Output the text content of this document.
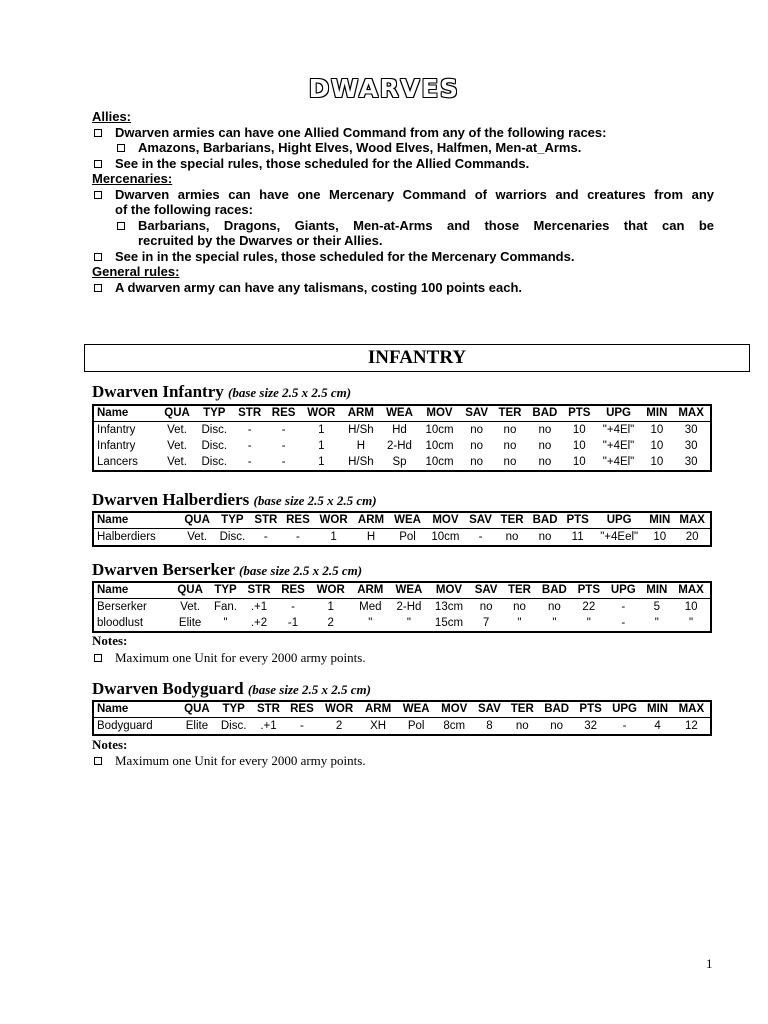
DWARVES
Allies:
Dwarven armies can have one Allied Command from any of the following races:
Amazons, Barbarians, Hight Elves, Wood Elves, Halfmen, Men-at_Arms.
See in the special rules, those scheduled for the Allied Commands.
Mercenaries:
Dwarven armies can have one Mercenary Command of warriors and creatures from any
of the following races:
Barbarians, Dragons, Giants, Men-at-Arms and those Mercenaries that can be
recruited by the Dwarves or their Allies.
See in in the special rules, those scheduled for the Mercenary Commands.
General rules:
A dwarven army can have any talismans, costing 100 points each.
INFANTRY
Dwarven Infantry (base size 2.5 x 2.5 cm)
Name	QUA	TYP	STR	RES	WOR	ARM	WEA	MOV	SAV	TER	BAD	PTS	UPG	MIN	MAX
Infantry	Vet.	Disc.	-	-	1	H/Sh	Hd	10cm	no	no	no	10	"+4El"	10	30
Infantry	Vet.	Disc.	-	-	1	H	2-Hd	10cm	no	no	no	10	"+4El"	10	30
Lancers	Vet.	Disc.	-	-	1	H/Sh	Sp	10cm	no	no	no	10	"+4El"	10	30
Dwarven Halberdiers (base size 2.5 x 2.5 cm)
Name	QUA	TYP	STR	RES	WOR	ARM	WEA	MOV	SAV	TER	BAD	PTS	UPG	MIN	MAX
Halberdiers	Vet.	Disc.	-	-	1	H	Pol	10cm	-	no	no	11	"+4Eel"	10	20
Dwarven Berserker (base size 2.5 x 2.5 cm)
Name	QUA	TYP	STR	RES	WOR	ARM	WEA	MOV	SAV	TER	BAD	PTS	UPG	MIN	MAX
Berserker	Vet.	Fan.	.+1	-	1	Med	2-Hd	13cm	no	no	no	22	-	5	10
bloodlust	Elite	"	.+2	-1	2	"	"	15cm	7	"	"	"	-	"	"
Notes:
Maximum one Unit for every 2000 army points.
Dwarven Bodyguard (base size 2.5 x 2.5 cm)
Name	QUA	TYP	STR	RES	WOR	ARM	WEA	MOV	SAV	TER	BAD	PTS	UPG	MIN	MAX
Bodyguard	Elite	Disc.	.+1	-	2	XH	Pol	8cm	8	no	no	32	-	4	12
Notes:
Maximum one Unit for every 2000 army points.
1
